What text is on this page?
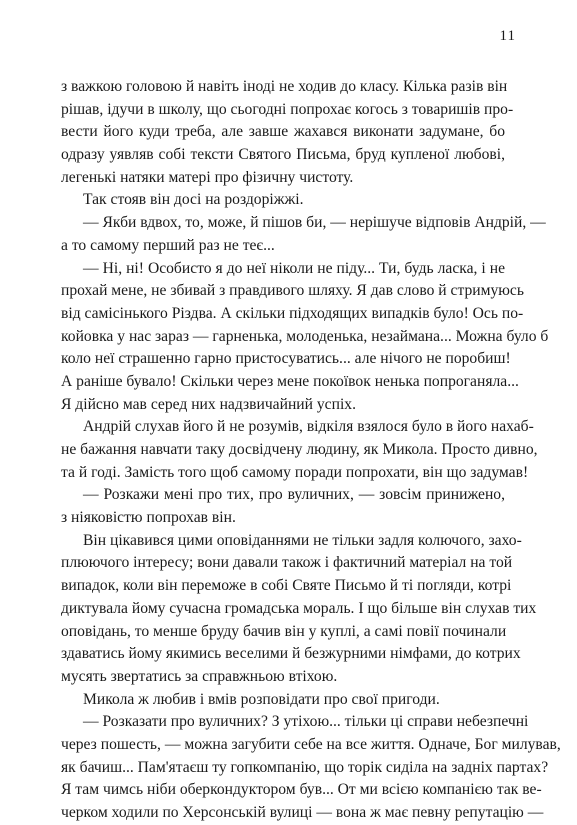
11
з важкою головою й навіть іноді не ходив до класу. Кілька разів він
рішав, ідучи в школу, що сьогодні попрохає когось з товаришів про-
вести його куди треба, але завше жахався виконати задумане, бо
одразу уявляв собі тексти Святого Письма, бруд купленої любові,
легенькі натяки матері про фізичну чистоту.
Так стояв він досі на роздоріжжі.
— Якби вдвох, то, може, й пішов би, — нерішуче відповів Андрій, —
а то самому перший раз не теє...
— Ні, ні! Особисто я до неї ніколи не піду... Ти, будь ласка, і не
прохай мене, не збивай з правдивого шляху. Я дав слово й стримуюсь
від самісінького Різдва. А скільки підходящих випадків було! Ось по-
койовка у нас зараз — гарненька, молоденька, незаймана... Можна було б
коло неї страшенно гарно пристосуватись... але нічого не поробиш!
А раніше бувало! Скільки через мене покоївок ненька попроганяла...
Я дійсно мав серед них надзвичайний успіх.
Андрій слухав його й не розумів, відкіля взялося було в його нахаб-
не бажання навчати таку досвідчену людину, як Микола. Просто дивно,
та й годі. Замість того щоб самому поради попрохати, він що задумав!
— Розкажи мені про тих, про вуличних, — зовсім принижено,
з ніяковістю попрохав він.
Він цікавився цими оповіданнями не тільки задля колючого, захо-
плюючого інтересу; вони давали також і фактичний матеріал на той
випадок, коли він переможе в собі Святе Письмо й ті погляди, котрі
диктувала йому сучасна громадська мораль. І що більше він слухав тих
оповідань, то менше бруду бачив він у куплі, а самі повії починали
здаватись йому якимись веселими й безжурними німфами, до котрих
мусять звертатись за справжньою втіхою.
Микола ж любив і вмів розповідати про свої пригоди.
— Розказати про вуличних? З утіхою... тільки ці справи небезпечні
через пошесть, — можна загубити себе на все життя. Одначе, Бог милував,
як бачиш... Пам'ятаєш ту гопкомпанію, що торік сиділа на задніх партах?
Я там чимсь ніби оберкондуктором був... От ми всією компанією так ве-
черком ходили по Херсонській вулиці — вона ж має певну репутацію —
